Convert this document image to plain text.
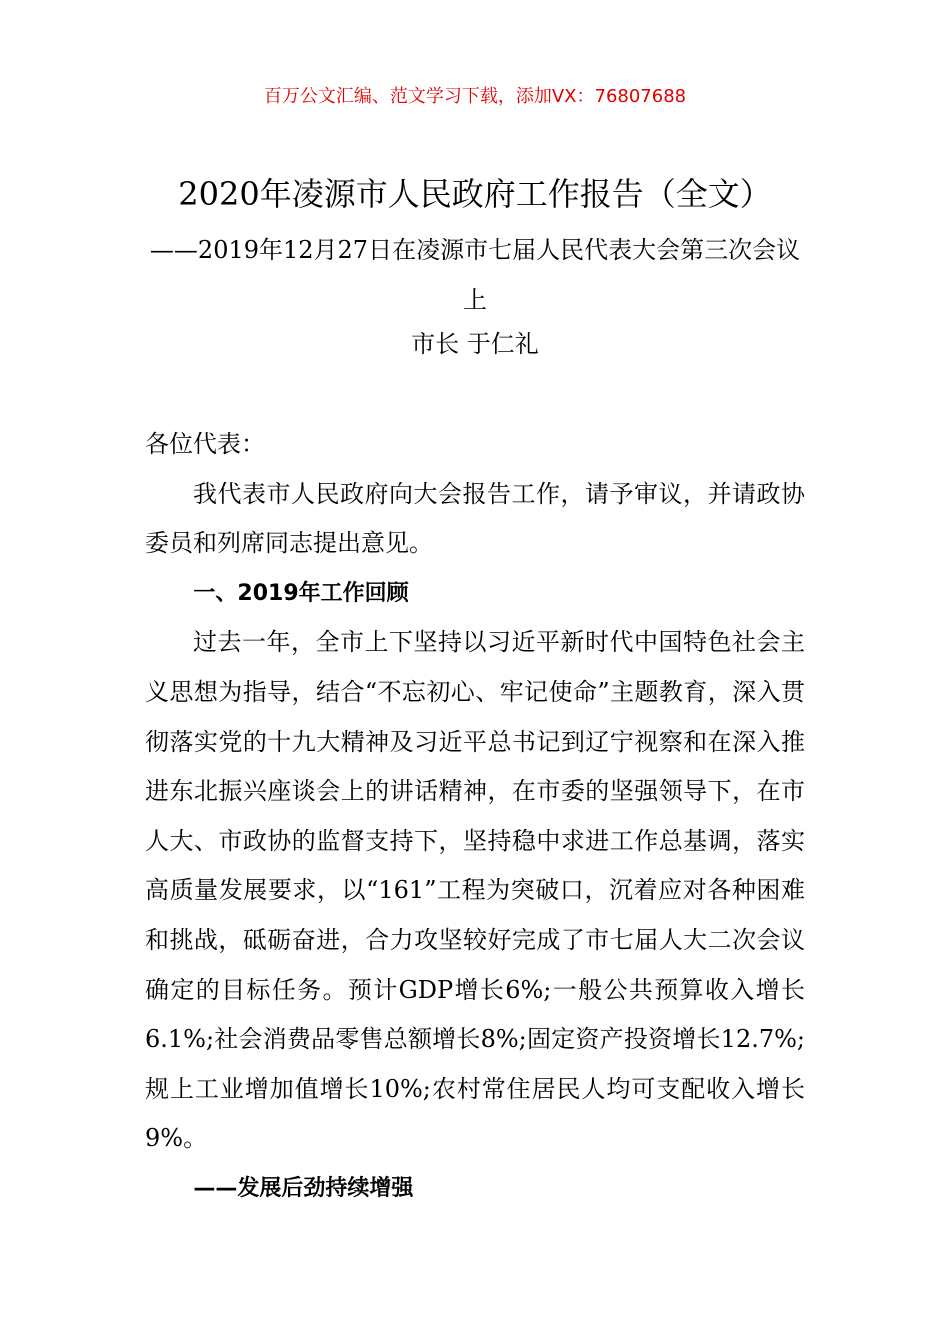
百万公文汇编、范文学习下载，添加VX：76807688
2020年凌源市人民政府工作报告（全文）
——2019年12月27日在凌源市七届人民代表大会第三次会议上
市长 于仁礼

各位代表：

我代表市人民政府向大会报告工作，请予审议，并请政协委员和列席同志提出意见。

一、2019年工作回顾

过去一年，全市上下坚持以习近平新时代中国特色社会主义思想为指导，结合“不忘初心、牢记使命”主题教育，深入贯彻落实党的十九大精神及习近平总书记到辽宁视察和在深入推进东北振兴座谈会上的讲话精神，在市委的坚强领导下，在市人大、市政协的监督支持下，坚持稳中求进工作总基调，落实高质量发展要求，以“161”工程为突破口，沉着应对各种困难和挑战，砥砺奋进，合力攻坚较好完成了市七届人大二次会议确定的目标任务。预计GDP增长6%;一般公共预算收入增长6.1%;社会消费品零售总额增长8%;固定资产投资增长12.7%;规上工业增加值增长10%;农村常住居民人均可支配收入增长9%。

——发展后劲持续增强
